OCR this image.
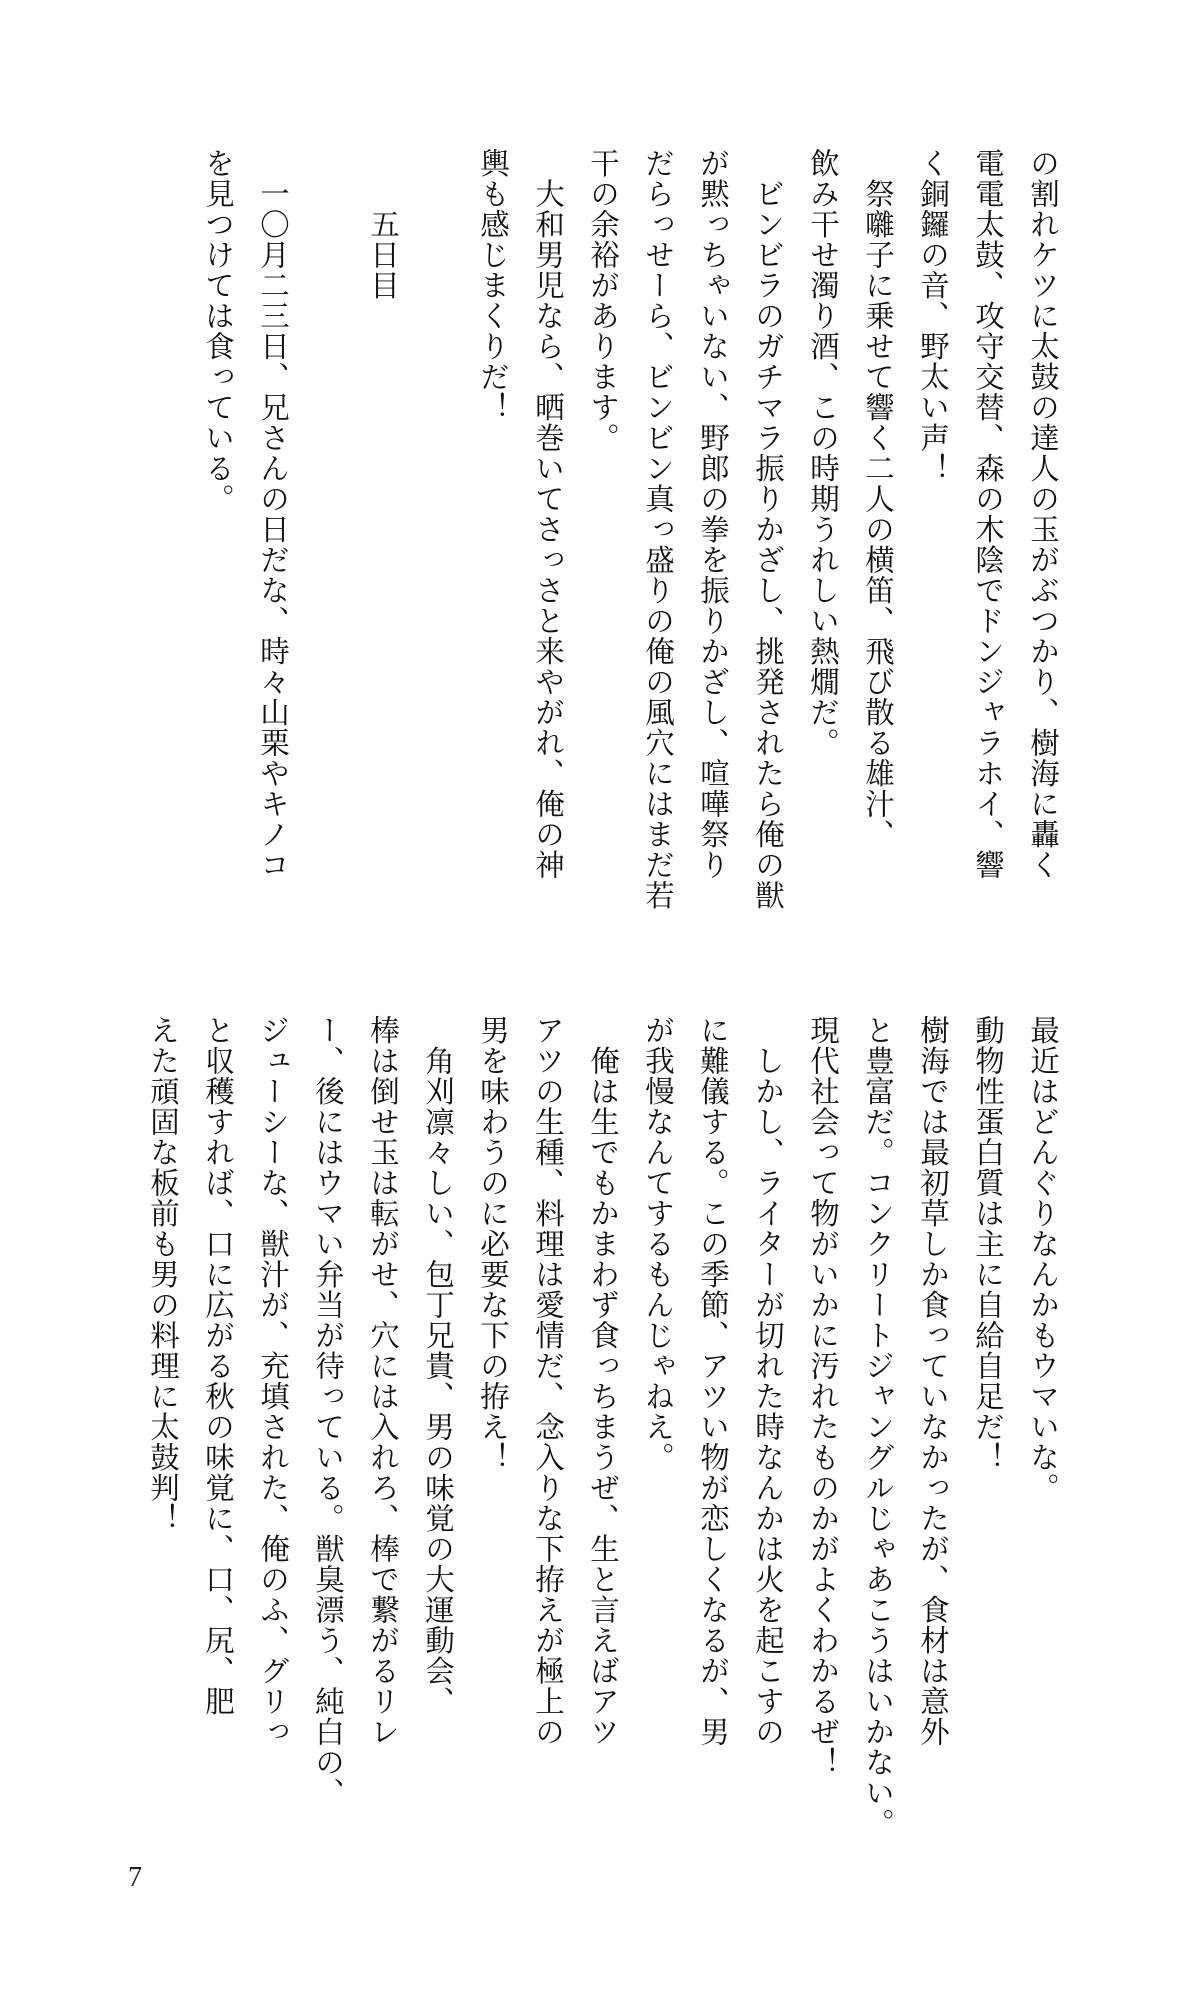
の割れケツに太鼓の達人の玉がぶつかり、樹海に轟く
電電太鼓、攻守交替、森の木陰でドンジャラホイ、響
く銅鑼の音、野太い声！
　祭囃子に乗せて響く二人の横笛、飛び散る雄汁、
飲み干せ濁り酒、この時期うれしい熱燗だ。
　ビンビラのガチマラ振りかざし、挑発されたら俺の獣
が黙っちゃいない、野郎の拳を振りかざし、喧嘩祭り
だらっせーら、ビンビン真っ盛りの俺の風穴にはまだ若
干の余裕があります。
　大和男児なら、晒巻いてさっさと来やがれ、俺の神
輿も感じまくりだ！

　　五日目

　一〇月二三日、兄さんの日だな、時々山栗やキノコ
を見つけては食っている。
最近はどんぐりなんかもウマいな。
動物性蛋白質は主に自給自足だ！
樹海では最初草しか食っていなかったが、食材は意外
と豊富だ。コンクリートジャングルじゃあこうはいかない。
現代社会って物がいかに汚れたものかがよくわかるぜ！
　しかし、ライターが切れた時なんかは火を起こすの
に難儀する。この季節、アツい物が恋しくなるが、男
が我慢なんてするもんじゃねえ。
　俺は生でもかまわず食っちまうぜ、生と言えばアツ
アツの生種、料理は愛情だ、念入りな下拵えが極上の
男を味わうのに必要な下の拵え！
　角刈凛々しい、包丁兄貴、男の味覚の大運動会、
棒は倒せ玉は転がせ、穴には入れろ、棒で繋がるリレ
ー、後にはウマい弁当が待っている。獣臭漂う、純白の、
ジューシーな、獣汁が、充填された、俺のふ、グリっ
と収穫すれば、口に広がる秋の味覚に、口、尻、肥
えた頑固な板前も男の料理に太鼓判！
7
